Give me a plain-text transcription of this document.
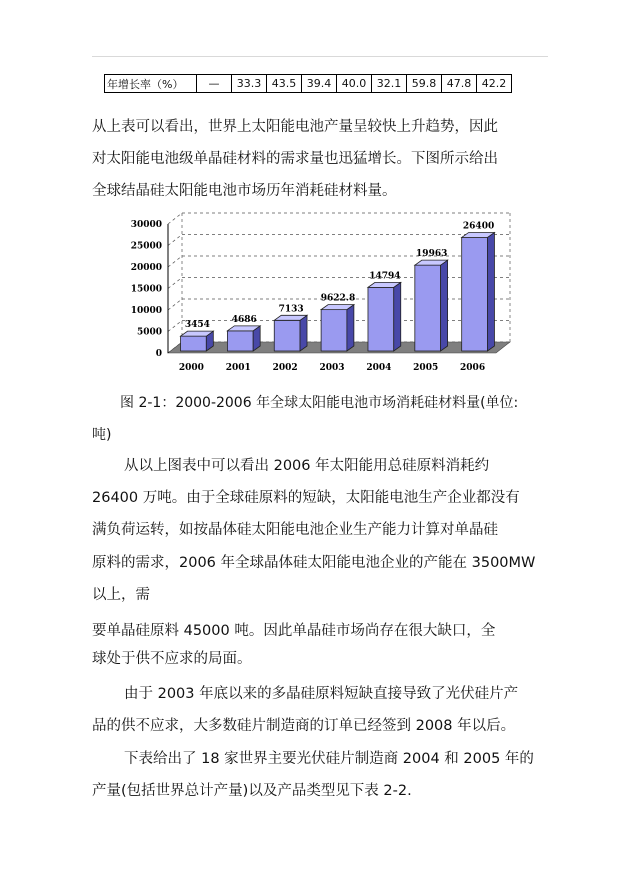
年增长率（%）	—	33.3	43.5	39.4	40.0	32.1	59.8	47.8	42.2
从上表可以看出，世界上太阳能电池产量呈较快上升趋势，因此
对太阳能电池级单晶硅材料的需求量也迅猛增长。下图所示给出
全球结晶硅太阳能电池市场历年消耗硅材料量。
0
5000
10000
15000
20000
25000
30000
3454
2000
4686
2001
7133
2002
9622.8
2003
14794
2004
19963
2005
26400
2006
图 2-1：2000-2006 年全球太阳能电池市场消耗硅材料量(单位:
吨)
从以上图表中可以看出 2006 年太阳能用总硅原料消耗约
26400 万吨。由于全球硅原料的短缺，太阳能电池生产企业都没有
满负荷运转，如按晶体硅太阳能电池企业生产能力计算对单晶硅
原料的需求，2006 年全球晶体硅太阳能电池企业的产能在 3500MW
以上，需
要单晶硅原料 45000 吨。因此单晶硅市场尚存在很大缺口，全
球处于供不应求的局面。
由于 2003 年底以来的多晶硅原料短缺直接导致了光伏硅片产
品的供不应求，大多数硅片制造商的订单已经签到 2008 年以后。
下表给出了 18 家世界主要光伏硅片制造商 2004 和 2005 年的
产量(包括世界总计产量)以及产品类型见下表 2-2.
